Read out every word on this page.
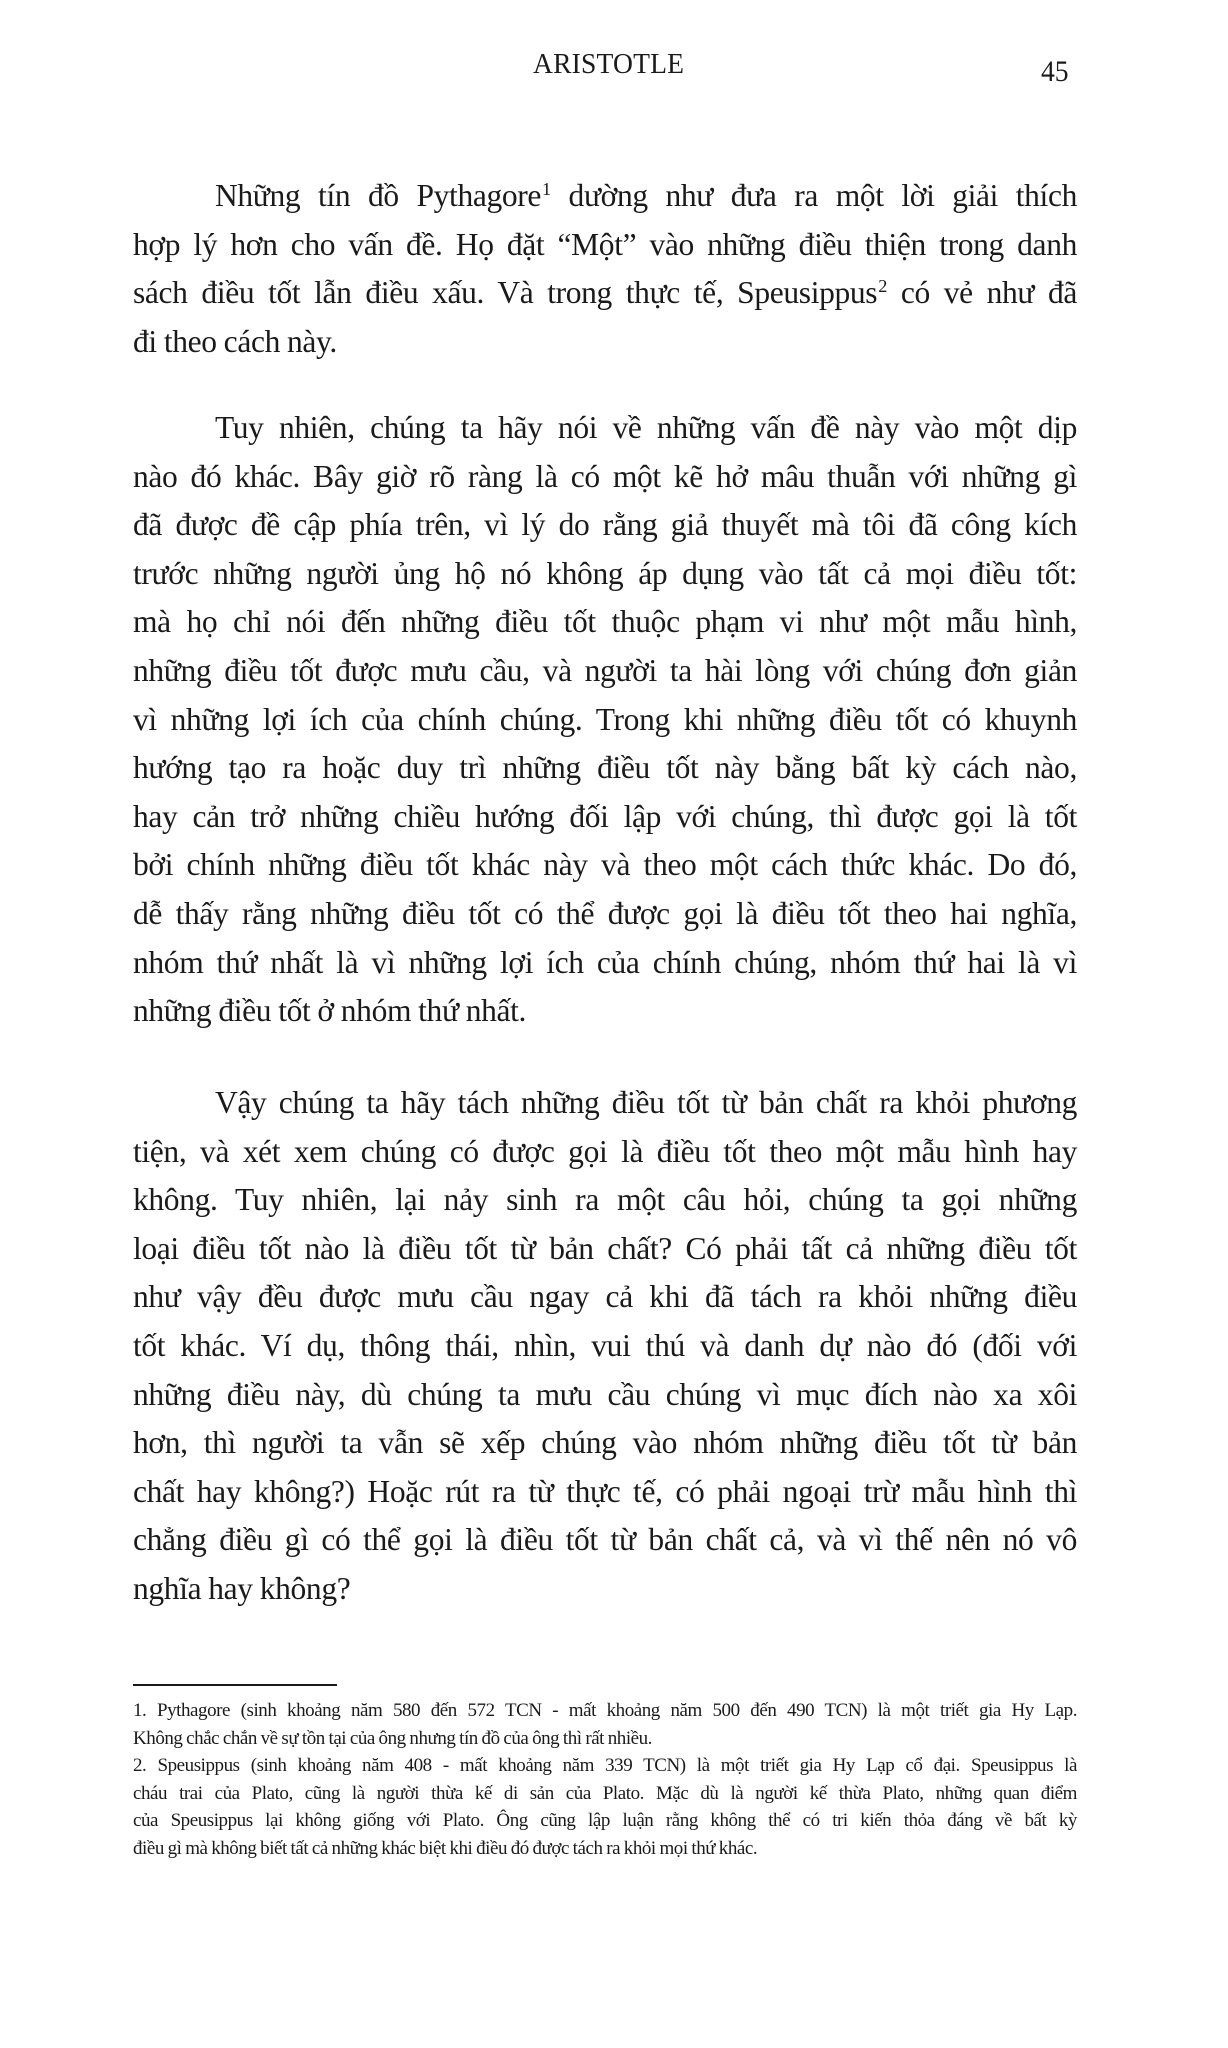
ARISTOTLE	45
Những tín đồ Pythagore$^1$ dường như đưa ra một lời giải thích
hợp lý hơn cho vấn đề. Họ đặt “Một” vào những điều thiện trong danh
sách điều tốt lẫn điều xấu. Và trong thực tế, Speusippus$^2$ có vẻ như đã
đi theo cách này.
Tuy nhiên, chúng ta hãy nói về những vấn đề này vào một dịp
nào đó khác. Bây giờ rõ ràng là có một kẽ hở mâu thuẫn với những gì
đã được đề cập phía trên, vì lý do rằng giả thuyết mà tôi đã công kích
trước những người ủng hộ nó không áp dụng vào tất cả mọi điều tốt:
mà họ chỉ nói đến những điều tốt thuộc phạm vi như một mẫu hình,
những điều tốt được mưu cầu, và người ta hài lòng với chúng đơn giản
vì những lợi ích của chính chúng. Trong khi những điều tốt có khuynh
hướng tạo ra hoặc duy trì những điều tốt này bằng bất kỳ cách nào,
hay cản trở những chiều hướng đối lập với chúng, thì được gọi là tốt
bởi chính những điều tốt khác này và theo một cách thức khác. Do đó,
dễ thấy rằng những điều tốt có thể được gọi là điều tốt theo hai nghĩa,
nhóm thứ nhất là vì những lợi ích của chính chúng, nhóm thứ hai là vì
những điều tốt ở nhóm thứ nhất.
Vậy chúng ta hãy tách những điều tốt từ bản chất ra khỏi phương
tiện, và xét xem chúng có được gọi là điều tốt theo một mẫu hình hay
không. Tuy nhiên, lại nảy sinh ra một câu hỏi, chúng ta gọi những
loại điều tốt nào là điều tốt từ bản chất? Có phải tất cả những điều tốt
như vậy đều được mưu cầu ngay cả khi đã tách ra khỏi những điều
tốt khác. Ví dụ, thông thái, nhìn, vui thú và danh dự nào đó (đối với
những điều này, dù chúng ta mưu cầu chúng vì mục đích nào xa xôi
hơn, thì người ta vẫn sẽ xếp chúng vào nhóm những điều tốt từ bản
chất hay không?) Hoặc rút ra từ thực tế, có phải ngoại trừ mẫu hình thì
chẳng điều gì có thể gọi là điều tốt từ bản chất cả, và vì thế nên nó vô
nghĩa hay không?
1. Pythagore (sinh khoảng năm 580 đến 572 TCN - mất khoảng năm 500 đến 490 TCN) là một triết gia Hy Lạp.
Không chắc chắn về sự tồn tại của ông nhưng tín đồ của ông thì rất nhiều.
2. Speusippus (sinh khoảng năm 408 - mất khoảng năm 339 TCN) là một triết gia Hy Lạp cổ đại. Speusippus là
cháu trai của Plato, cũng là người thừa kế di sản của Plato. Mặc dù là người kế thừa Plato, những quan điểm
của Speusippus lại không giống với Plato. Ông cũng lập luận rằng không thể có tri kiến thỏa đáng về bất kỳ
điều gì mà không biết tất cả những khác biệt khi điều đó được tách ra khỏi mọi thứ khác.
